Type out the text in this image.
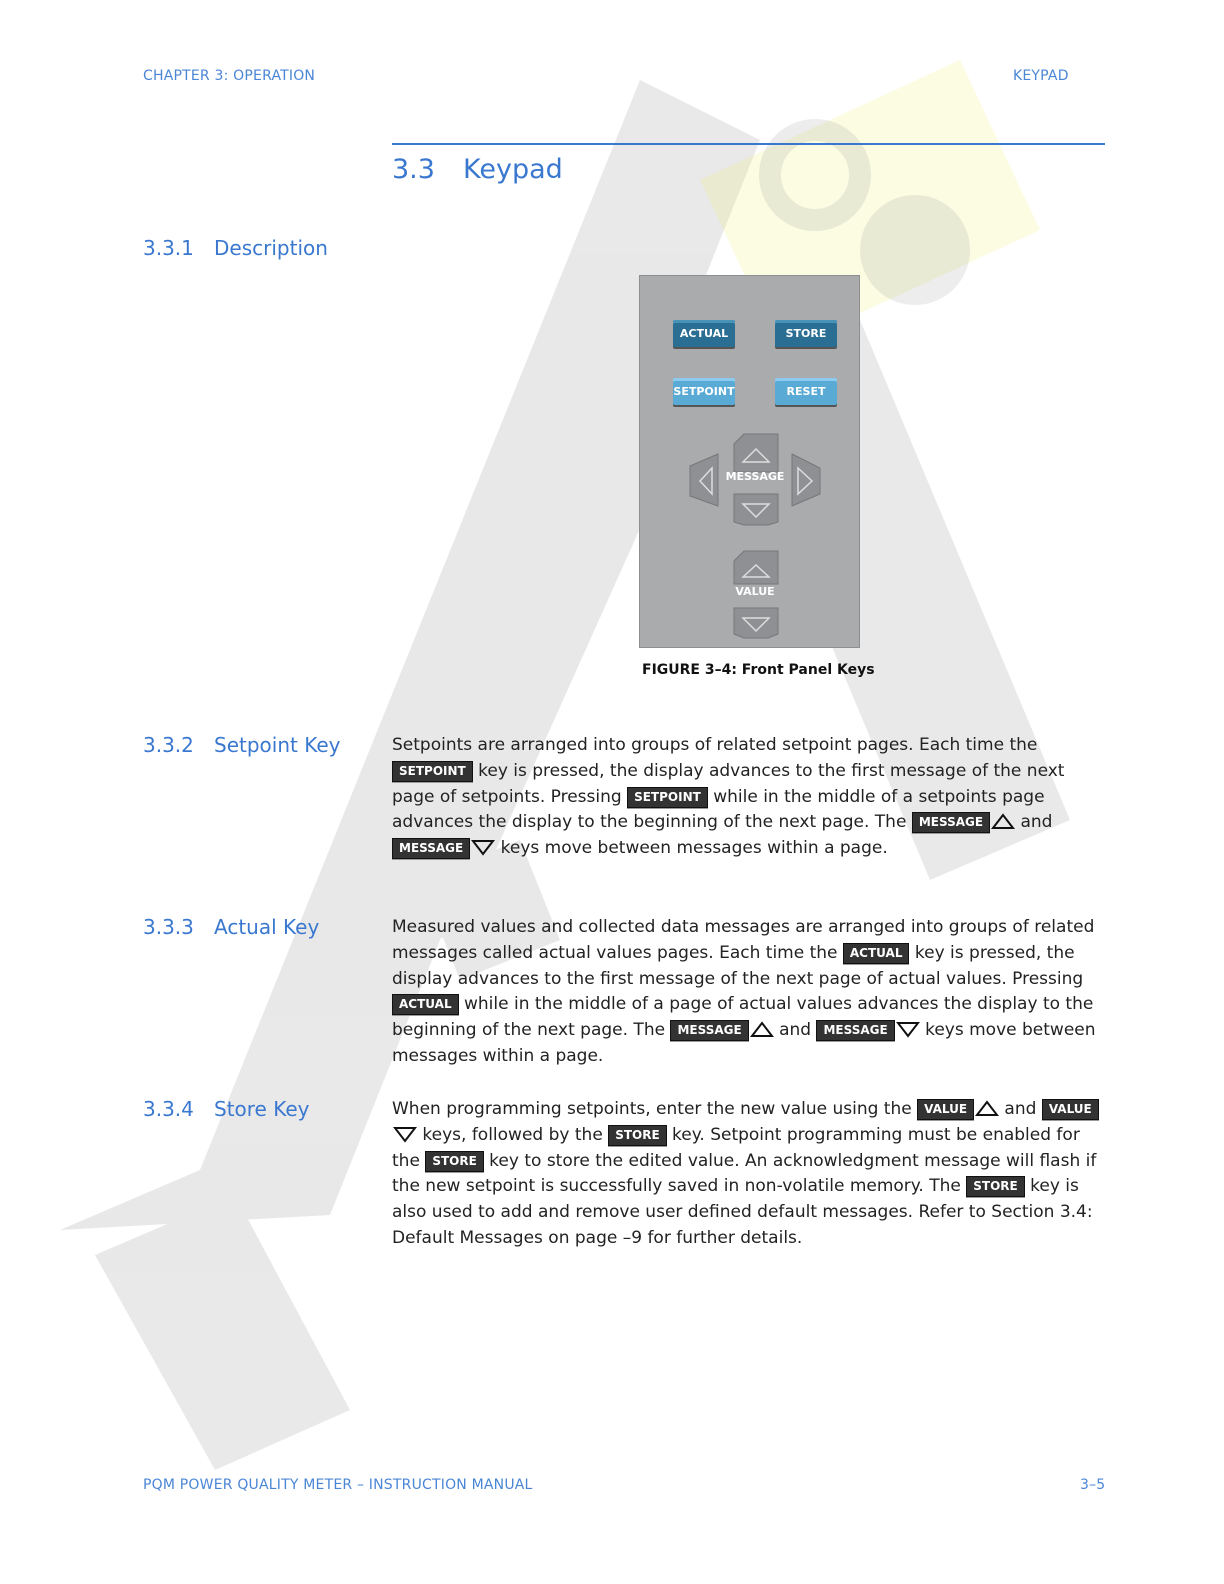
CHAPTER 3: OPERATION	KEYPAD
3.3 Keypad
3.3.1 Description
ACTUAL	STORE
SETPOINT	RESET
MESSAGE
VALUE
FIGURE 3–4: Front Panel Keys
3.3.2 Setpoint Key	Setpoints are arranged into groups of related setpoint pages. Each time the SETPOINT key is pressed, the display advances to the first message of the next page of setpoints. Pressing SETPOINT while in the middle of a setpoints page advances the display to the beginning of the next page. The MESSAGE and MESSAGE keys move between messages within a page.
3.3.3 Actual Key	Measured values and collected data messages are arranged into groups of related messages called actual values pages. Each time the ACTUAL key is pressed, the display advances to the first message of the next page of actual values. Pressing ACTUAL while in the middle of a page of actual values advances the display to the beginning of the next page. The MESSAGE and MESSAGE keys move between messages within a page.
3.3.4 Store Key	When programming setpoints, enter the new value using the VALUE and VALUE keys, followed by the STORE key. Setpoint programming must be enabled for the STORE key to store the edited value. An acknowledgment message will flash if the new setpoint is successfully saved in non-volatile memory. The STORE key is also used to add and remove user defined default messages. Refer to Section 3.4: Default Messages on page –9 for further details.
PQM POWER QUALITY METER – INSTRUCTION MANUAL	3–5
